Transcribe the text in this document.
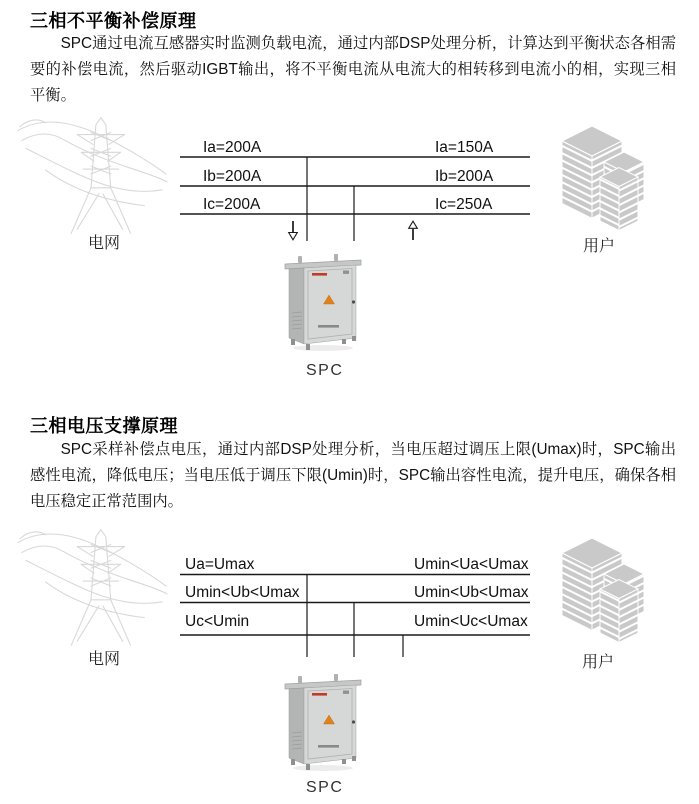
三相不平衡补偿原理
SPC通过电流互感器实时监测负载电流，通过内部DSP处理分析，计算达到平衡状态各相需要的补偿电流，然后驱动IGBT输出，将不平衡电流从电流大的相转移到电流小的相，实现三相平衡。
电网	用户
SPC
Ia=200A
Ib=200A
Ic=200A
Ia=150A
Ib=200A
Ic=250A
三相电压支撑原理
SPC采样补偿点电压，通过内部DSP处理分析，当电压超过调压上限(Umax)时，SPC输出感性电流，降低电压；当电压低于调压下限(Umin)时，SPC输出容性电流，提升电压，确保各相电压稳定正常范围内。
电网	用户
SPC
Ua=Umax
Umin<Ub<Umax
Uc<Umin
Umin<Ua<Umax
Umin<Ub<Umax
Umin<Uc<Umax
